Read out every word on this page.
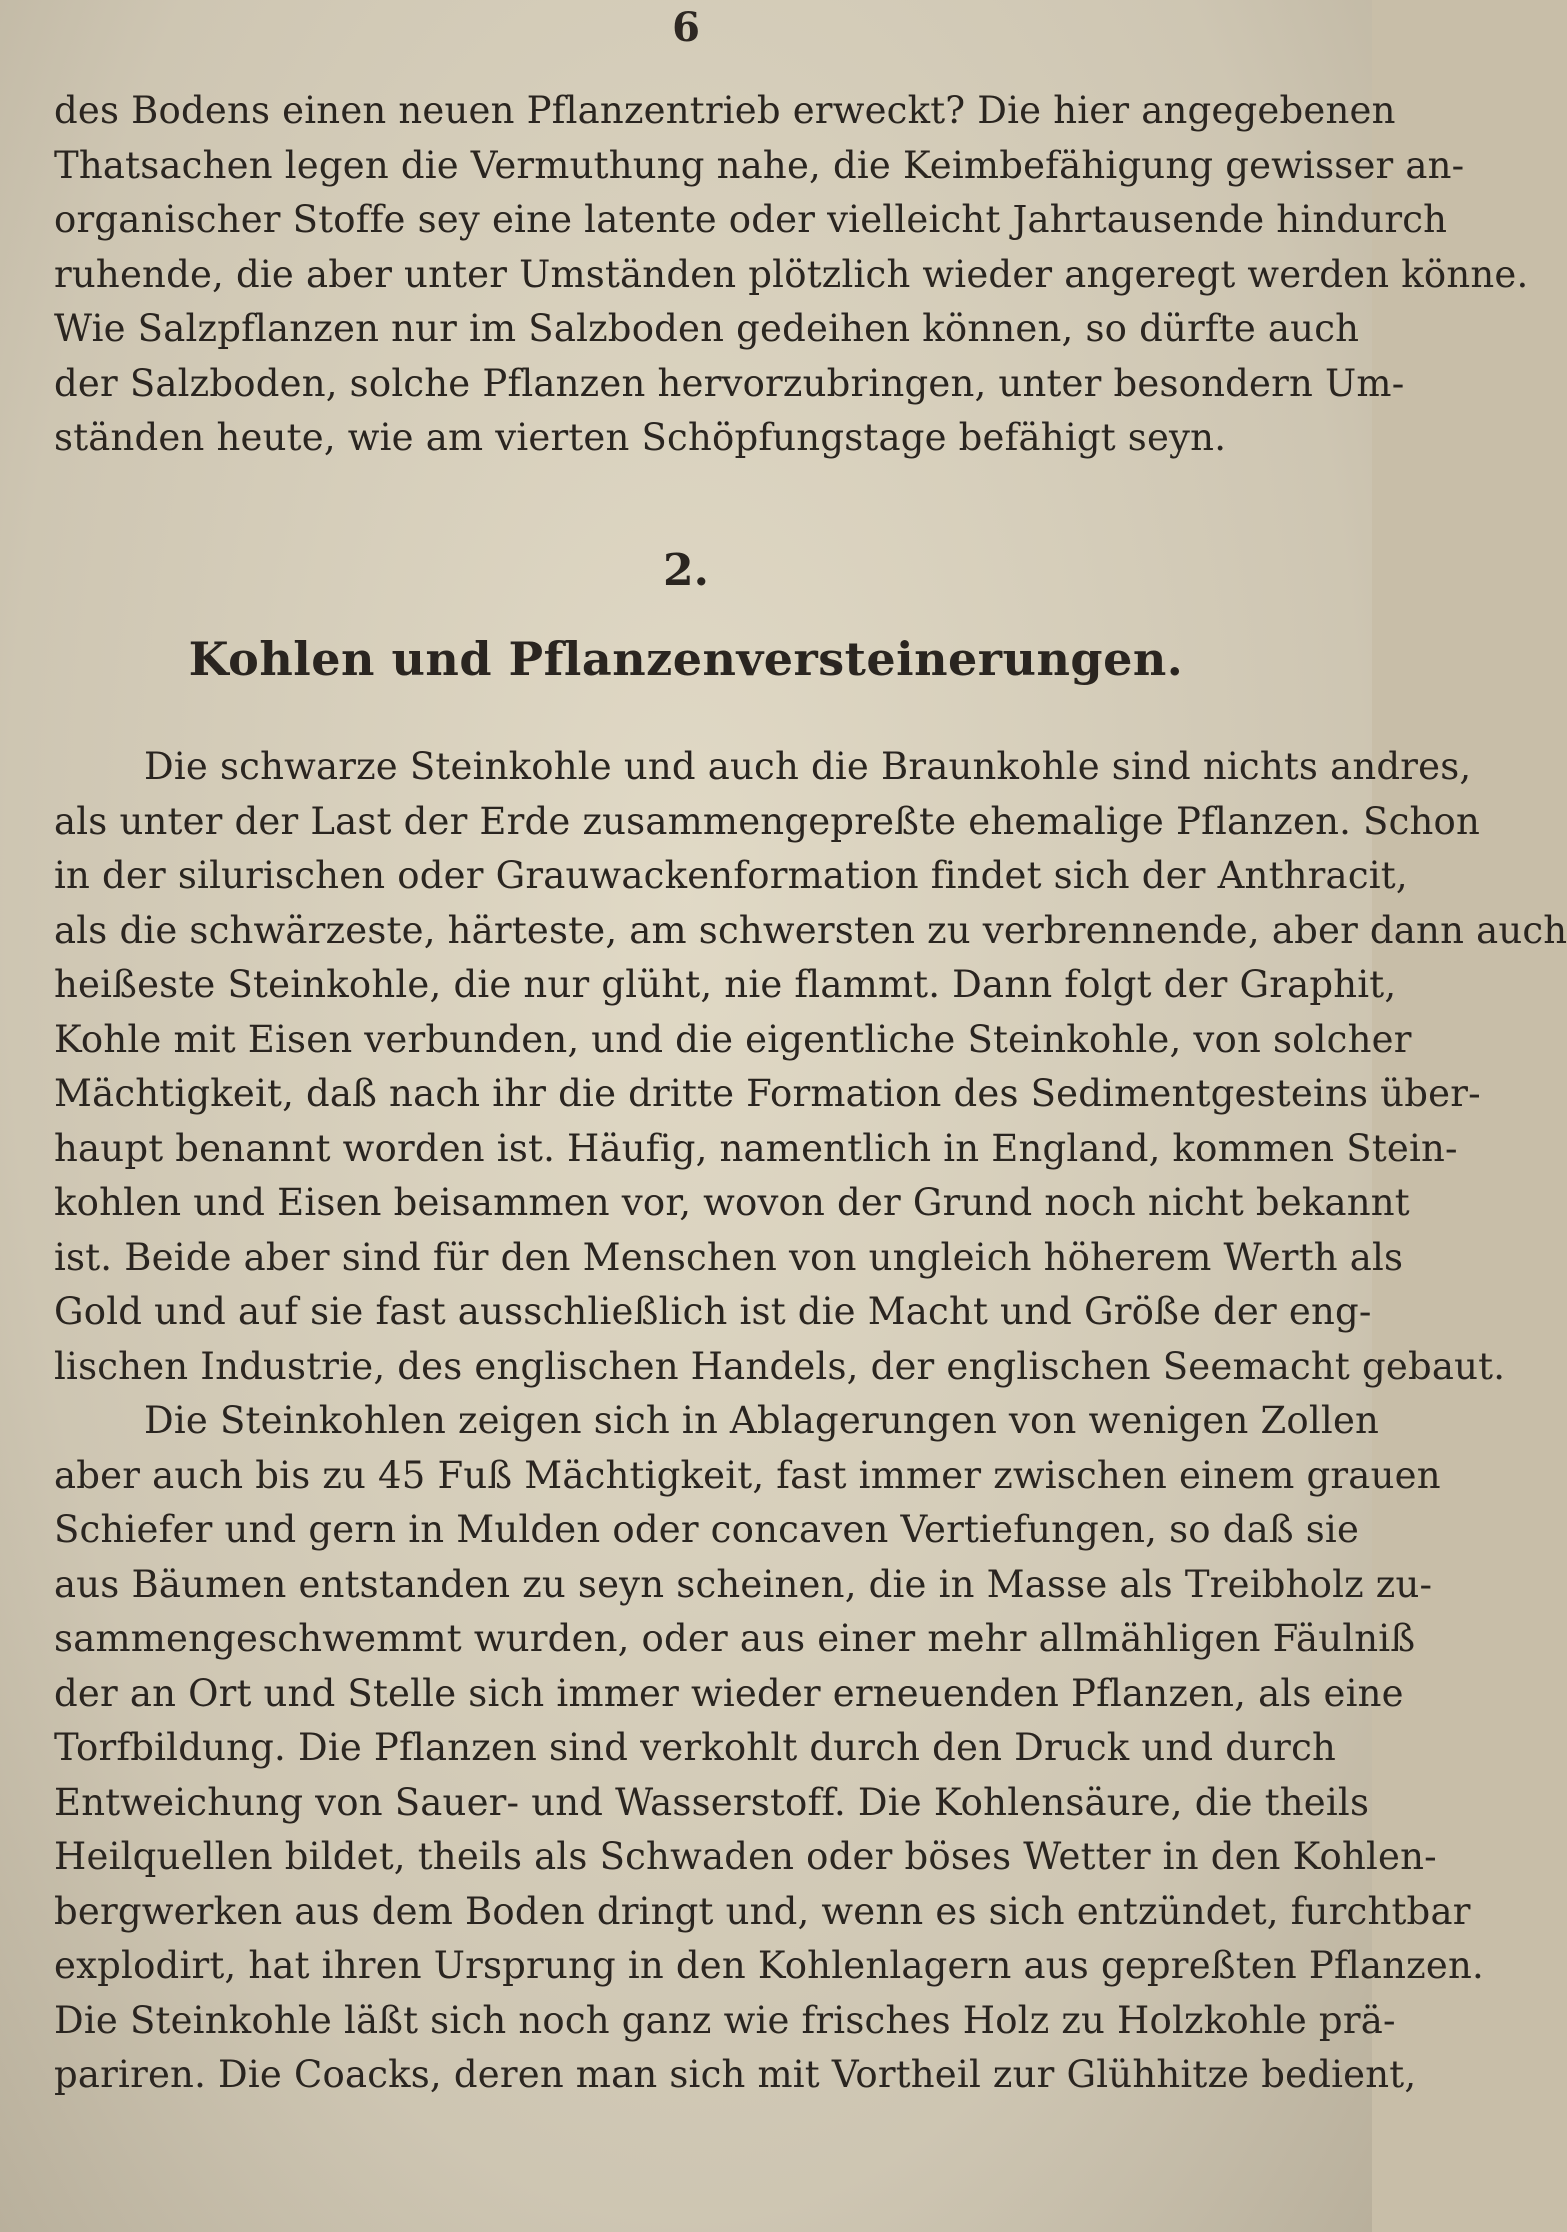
6
des Bodens einen neuen Pflanzentrieb erweckt? Die hier angegebenen
Thatsachen legen die Vermuthung nahe, die Keimbefähigung gewisser an-
organischer Stoffe sey eine latente oder vielleicht Jahrtausende hindurch
ruhende, die aber unter Umständen plötzlich wieder angeregt werden könne.
Wie Salzpflanzen nur im Salzboden gedeihen können, so dürfte auch
der Salzboden, solche Pflanzen hervorzubringen, unter besondern Um-
ständen heute, wie am vierten Schöpfungstage befähigt seyn.
2.
Kohlen und Pflanzenversteinerungen.
Die schwarze Steinkohle und auch die Braunkohle sind nichts andres,
als unter der Last der Erde zusammengepreßte ehemalige Pflanzen. Schon
in der silurischen oder Grauwackenformation findet sich der Anthracit,
als die schwärzeste, härteste, am schwersten zu verbrennende, aber dann auch
heißeste Steinkohle, die nur glüht, nie flammt. Dann folgt der Graphit,
Kohle mit Eisen verbunden, und die eigentliche Steinkohle, von solcher
Mächtigkeit, daß nach ihr die dritte Formation des Sedimentgesteins über-
haupt benannt worden ist. Häufig, namentlich in England, kommen Stein-
kohlen und Eisen beisammen vor, wovon der Grund noch nicht bekannt
ist. Beide aber sind für den Menschen von ungleich höherem Werth als
Gold und auf sie fast ausschließlich ist die Macht und Größe der eng-
lischen Industrie, des englischen Handels, der englischen Seemacht gebaut.
Die Steinkohlen zeigen sich in Ablagerungen von wenigen Zollen
aber auch bis zu 45 Fuß Mächtigkeit, fast immer zwischen einem grauen
Schiefer und gern in Mulden oder concaven Vertiefungen, so daß sie
aus Bäumen entstanden zu seyn scheinen, die in Masse als Treibholz zu-
sammengeschwemmt wurden, oder aus einer mehr allmähligen Fäulniß
der an Ort und Stelle sich immer wieder erneuenden Pflanzen, als eine
Torfbildung. Die Pflanzen sind verkohlt durch den Druck und durch
Entweichung von Sauer- und Wasserstoff. Die Kohlensäure, die theils
Heilquellen bildet, theils als Schwaden oder böses Wetter in den Kohlen-
bergwerken aus dem Boden dringt und, wenn es sich entzündet, furchtbar
explodirt, hat ihren Ursprung in den Kohlenlagern aus gepreßten Pflanzen.
Die Steinkohle läßt sich noch ganz wie frisches Holz zu Holzkohle prä-
pariren. Die Coacks, deren man sich mit Vortheil zur Glühhitze bedient,
